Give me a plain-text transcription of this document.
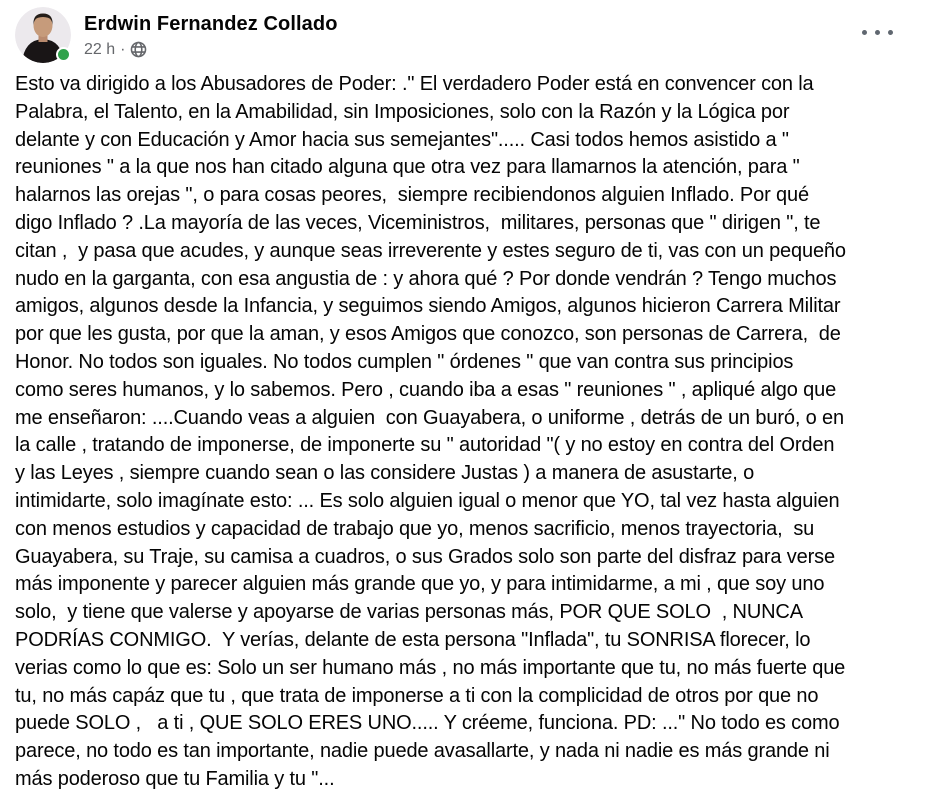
Erdwin Fernandez Collado
22 h ·
Esto va dirigido a los Abusadores de Poder: ." El verdadero Poder está en convencer con la
Palabra, el Talento, en la Amabilidad, sin Imposiciones, solo con la Razón y la Lógica por
delante y con Educación y Amor hacia sus semejantes"..... Casi todos hemos asistido a "
reuniones " a la que nos han citado alguna que otra vez para llamarnos la atención, para "
halarnos las orejas ", o para cosas peores,  siempre recibiendonos alguien Inflado. Por qué
digo Inflado ? .La mayoría de las veces, Viceministros,  militares, personas que " dirigen ", te
citan ,  y pasa que acudes, y aunque seas irreverente y estes seguro de ti, vas con un pequeño
nudo en la garganta, con esa angustia de : y ahora qué ? Por donde vendrán ? Tengo muchos
amigos, algunos desde la Infancia, y seguimos siendo Amigos, algunos hicieron Carrera Militar
por que les gusta, por que la aman, y esos Amigos que conozco, son personas de Carrera,  de
Honor. No todos son iguales. No todos cumplen " órdenes " que van contra sus principios
como seres humanos, y lo sabemos. Pero , cuando iba a esas " reuniones " , apliqué algo que
me enseñaron: ....Cuando veas a alguien  con Guayabera, o uniforme , detrás de un buró, o en
la calle , tratando de imponerse, de imponerte su " autoridad "( y no estoy en contra del Orden
y las Leyes , siempre cuando sean o las considere Justas ) a manera de asustarte, o
intimidarte, solo imagínate esto: ... Es solo alguien igual o menor que YO, tal vez hasta alguien
con menos estudios y capacidad de trabajo que yo, menos sacrificio, menos trayectoria,  su
Guayabera, su Traje, su camisa a cuadros, o sus Grados solo son parte del disfraz para verse
más imponente y parecer alguien más grande que yo, y para intimidarme, a mi , que soy uno
solo,  y tiene que valerse y apoyarse de varias personas más, POR QUE SOLO  , NUNCA
PODRÍAS CONMIGO.  Y verías, delante de esta persona "Inflada", tu SONRISA florecer, lo
verias como lo que es: Solo un ser humano más , no más importante que tu, no más fuerte que
tu, no más capáz que tu , que trata de imponerse a ti con la complicidad de otros por que no
puede SOLO ,   a ti , QUE SOLO ERES UNO..... Y créeme, funciona. PD: ..." No todo es como
parece, no todo es tan importante, nadie puede avasallarte, y nada ni nadie es más grande ni
más poderoso que tu Familia y tu "...
